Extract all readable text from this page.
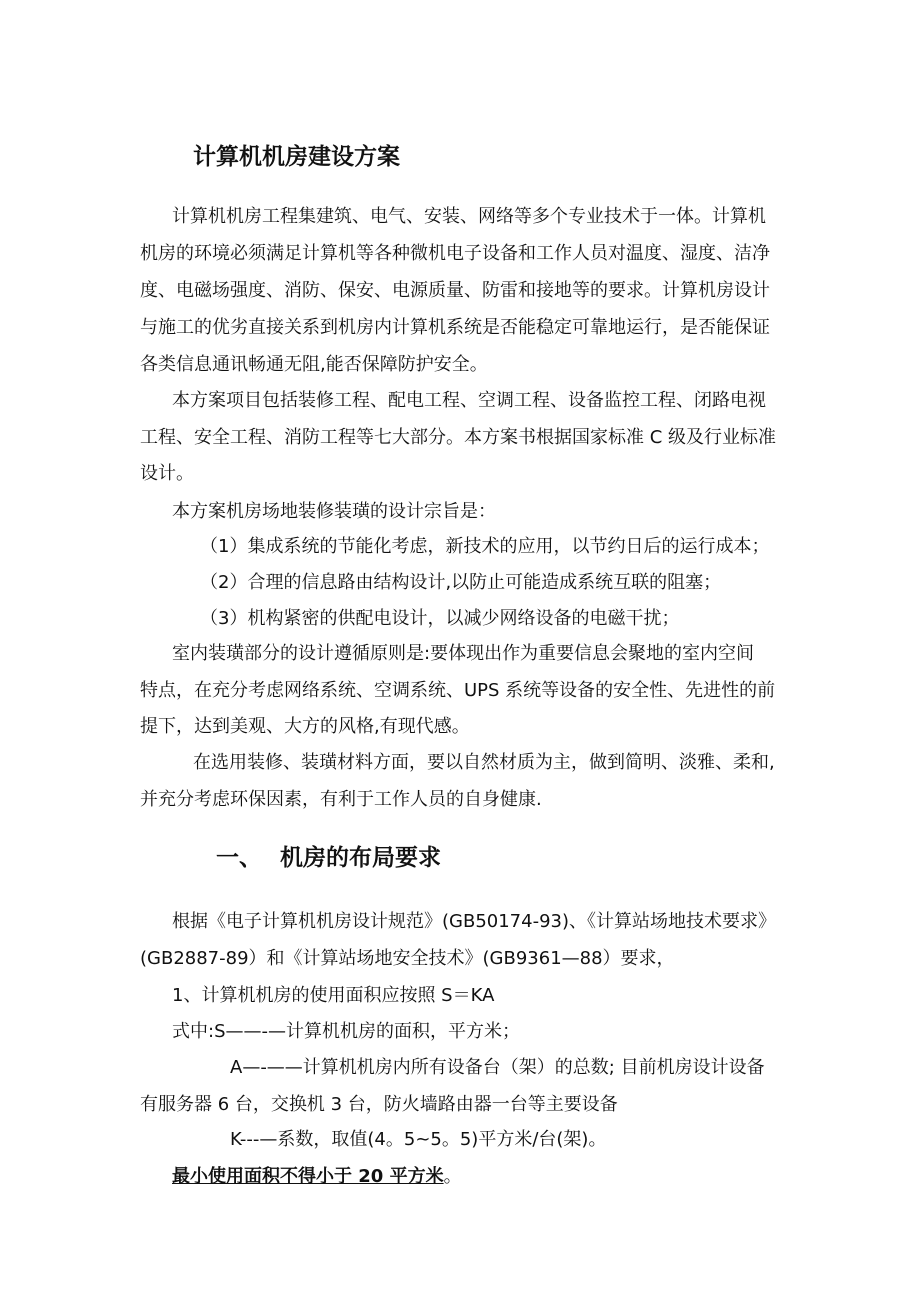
计算机机房建设方案
计算机机房工程集建筑、电气、安装、网络等多个专业技术于一体。计算机
机房的环境必须满足计算机等各种微机电子设备和工作人员对温度、湿度、洁净
度、电磁场强度、消防、保安、电源质量、防雷和接地等的要求。计算机房设计
与施工的优劣直接关系到机房内计算机系统是否能稳定可靠地运行，是否能保证
各类信息通讯畅通无阻,能否保障防护安全。
本方案项目包括装修工程、配电工程、空调工程、设备监控工程、闭路电视
工程、安全工程、消防工程等七大部分。本方案书根据国家标准 C 级及行业标准
设计。
本方案机房场地装修装璜的设计宗旨是：
（1）集成系统的节能化考虑，新技术的应用，以节约日后的运行成本；
（2）合理的信息路由结构设计,以防止可能造成系统互联的阻塞；
（3）机构紧密的供配电设计，以减少网络设备的电磁干扰；
室内装璜部分的设计遵循原则是:要体现出作为重要信息会聚地的室内空间
特点，在充分考虑网络系统、空调系统、UPS 系统等设备的安全性、先进性的前
提下，达到美观、大方的风格,有现代感。
在选用装修、装璜材料方面，要以自然材质为主，做到简明、淡雅、柔和,
并充分考虑环保因素，有利于工作人员的自身健康.
一、 机房的布局要求
根据《电子计算机机房设计规范》(GB50174-93)、《计算站场地技术要求》
(GB2887-89）和《计算站场地安全技术》(GB9361—88）要求，
1、计算机机房的使用面积应按照 S＝KA
式中:S——-—计算机机房的面积，平方米；
A—-——计算机机房内所有设备台（架）的总数; 目前机房设计设备
有服务器 6 台，交换机 3 台，防火墙路由器一台等主要设备
K---—系数，取值(4。5~5。5)平方米/台(架)。
最小使用面积不得小于 20 平方米。
